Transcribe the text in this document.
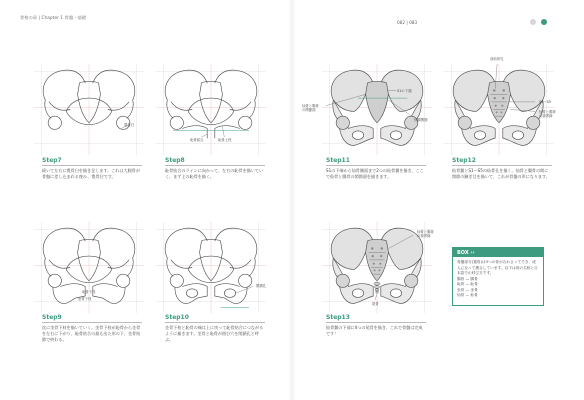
骨格の章 | Chapter 1 骨盤・基礎
082 | 083
寛骨臼
恥骨結合	恥骨上枝
恥骨下枝
坐骨下枝
閉鎖孔
Step7
続いて左右に寛骨臼を描き足します。これは大腿骨が骨盤に差し込まれる窪み、寛骨臼です。
Step8
恥骨結合のラインに向かって、左右の恥骨を描いていく。まず上の恥骨を描く。
Step9
次に坐骨下枝を描いていく。坐骨下枝が恥骨から坐骨を左右に下がり、恥骨結合の最も出た形の下、坐骨結節で終わる。
Step10
坐骨下枝と恥骨の端は上に戻って恥骨結合につながるように描きます。坐骨と恥骨が囲む穴を閉鎖孔と呼ぶ。
仙骨と腸骨の関節面
S1の下端
仙腸関節
前仙骨孔
S1〜S5
仙骨と腸骨の境界線
仙骨と腸骨の境界線
尾骨
Step11
S1の下端から仙骨側面まで2つの仙骨翼を描き、ここで仙骨と腸骨の関節面を描きます。
Step12
仙骨翼とS1〜S5の仙骨孔を描く。仙骨と腸骨の間に関節の継ぎ目を描いて、これが骨盤の形になります。
Step13
仙骨翼の下部に4つの尾骨を描き、これで骨盤は完成です！
BOX ››
骨盤部分(寛骨)は3つの骨が合わさってでき、成人になって癒合しています。以下は骨の名称と日本語での呼び方です。
腸骨 — 腸骨
恥骨 — 恥骨
坐骨 — 坐骨
仙骨 — 仙骨
